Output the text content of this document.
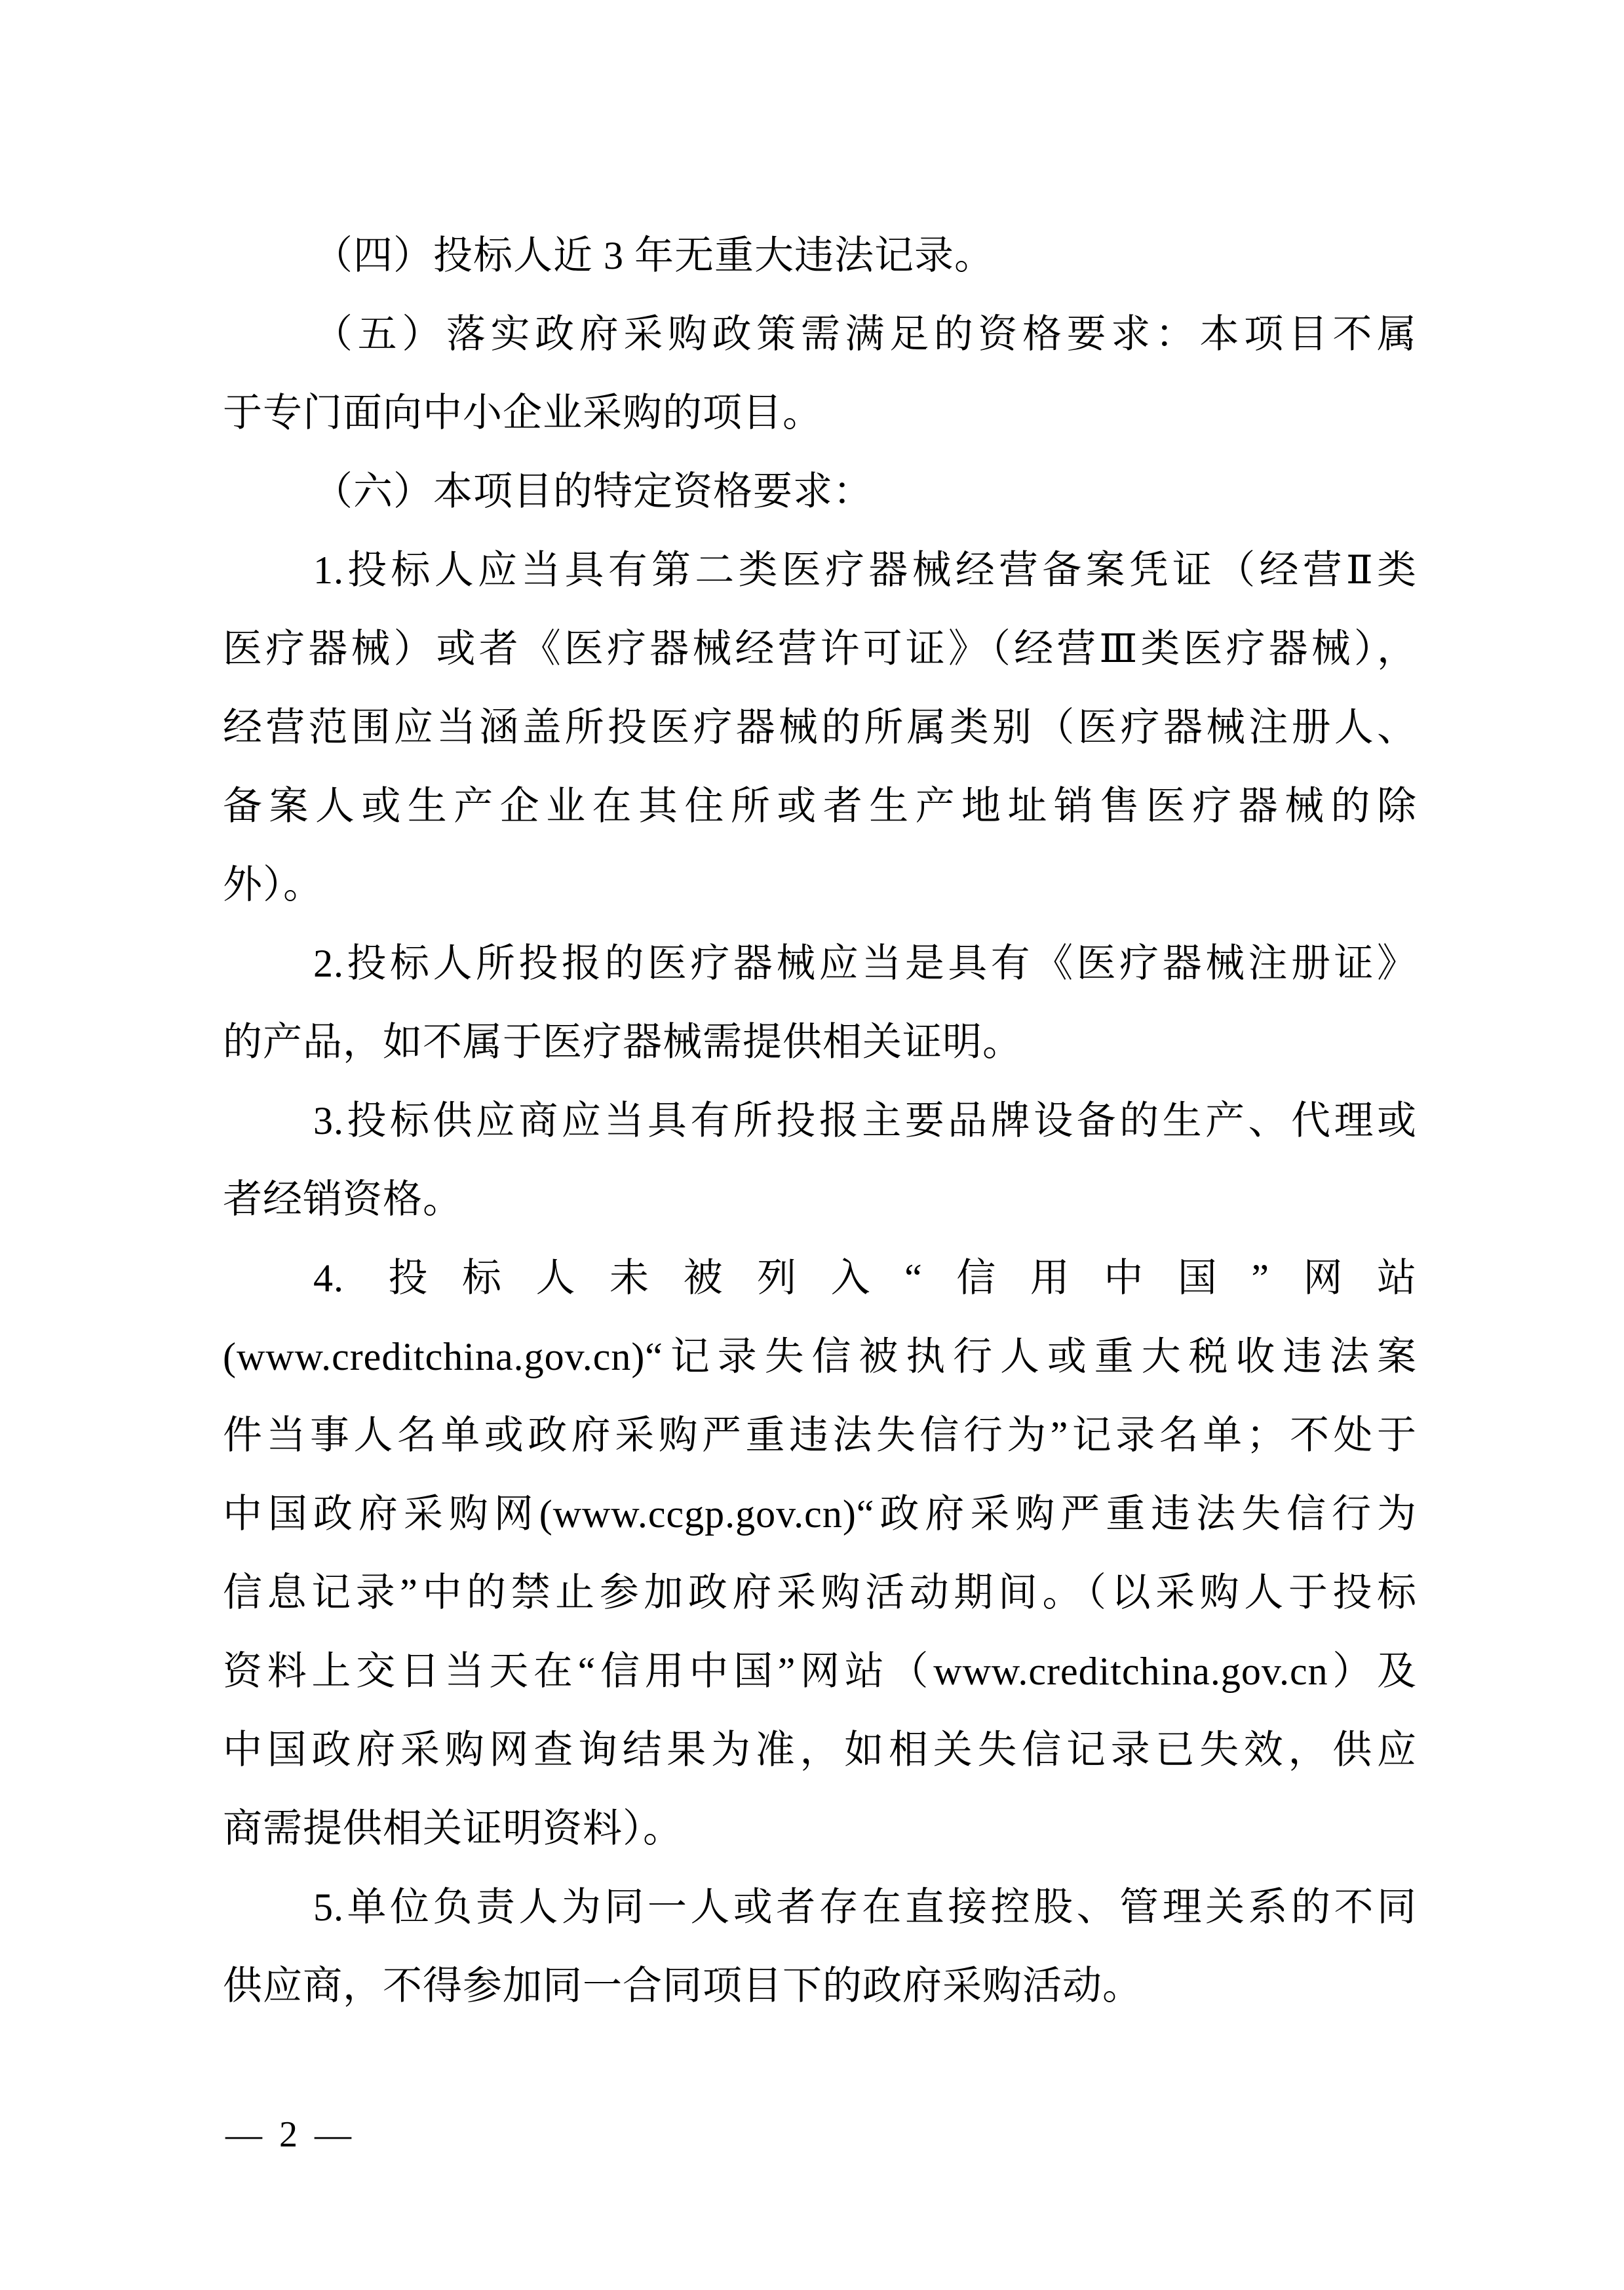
（四）投标人近 3 年无重大违法记录。
（五）落实政府采购政策需满足的资格要求：本项目不属
于专门面向中小企业采购的项目。
（六）本项目的特定资格要求：
1.投标人应当具有第二类医疗器械经营备案凭证（经营Ⅱ类
医疗器械）或者《医疗器械经营许可证》（经营Ⅲ类医疗器械），
经营范围应当涵盖所投医疗器械的所属类别（医疗器械注册人、
备案人或生产企业在其住所或者生产地址销售医疗器械的除
外）。
2.投标人所投报的医疗器械应当是具有《医疗器械注册证》
的产品，如不属于医疗器械需提供相关证明。
3.投标供应商应当具有所投报主要品牌设备的生产、代理或
者经销资格。
4. 投标人未被列入“信用中国”网站
(www.creditchina.gov.cn)“记录失信被执行人或重大税收违法案
件当事人名单或政府采购严重违法失信行为”记录名单；不处于
中国政府采购网(www.ccgp.gov.cn)“政府采购严重违法失信行为
信息记录”中的禁止参加政府采购活动期间。（以采购人于投标
资料上交日当天在“信用中国”网站（www.creditchina.gov.cn）及
中国政府采购网查询结果为准，如相关失信记录已失效，供应
商需提供相关证明资料）。
5.单位负责人为同一人或者存在直接控股、管理关系的不同
供应商，不得参加同一合同项目下的政府采购活动。
— 2 —
